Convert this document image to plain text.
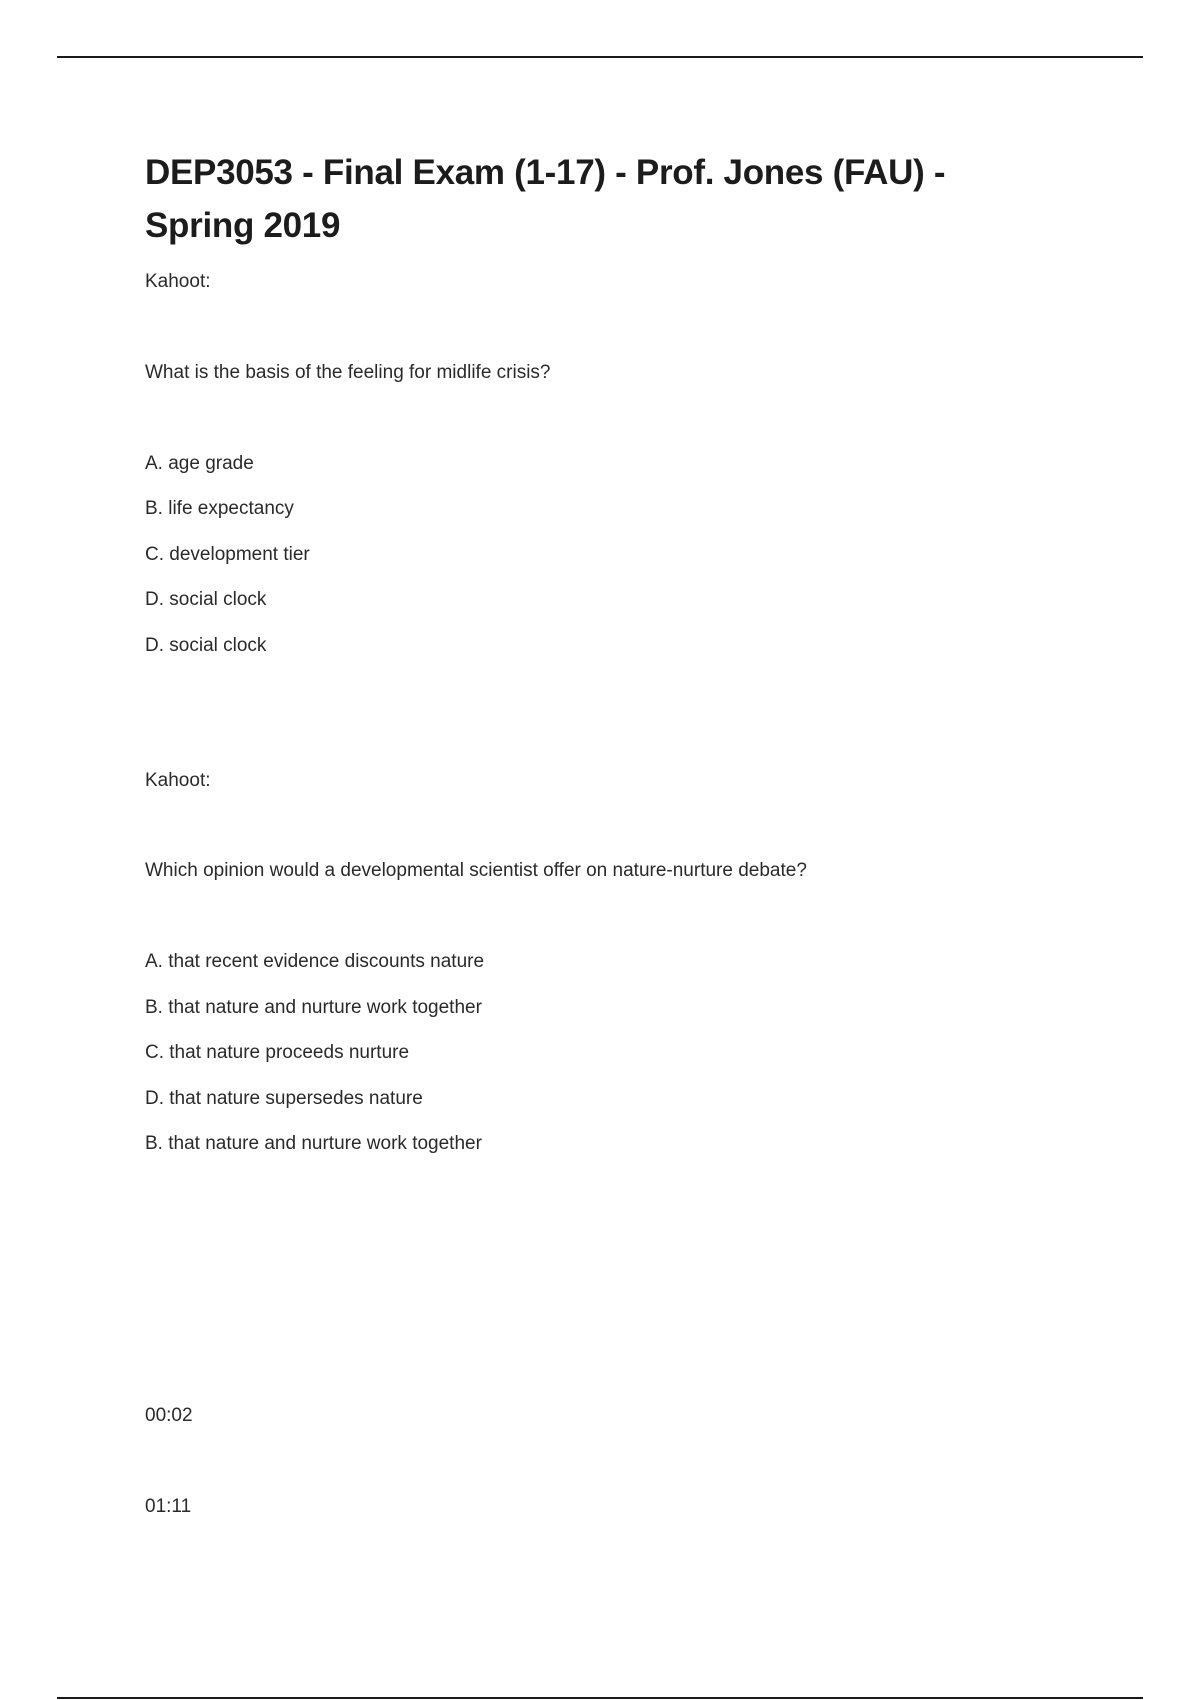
DEP3053 - Final Exam (1-17) - Prof. Jones (FAU) - Spring 2019

Kahoot:

What is the basis of the feeling for midlife crisis?

A. age grade

B. life expectancy

C. development tier

D. social clock

D. social clock

Kahoot:

Which opinion would a developmental scientist offer on nature-nurture debate?

A. that recent evidence discounts nature

B. that nature and nurture work together

C. that nature proceeds nurture

D. that nature supersedes nature

B. that nature and nurture work together

00:02

01:11
